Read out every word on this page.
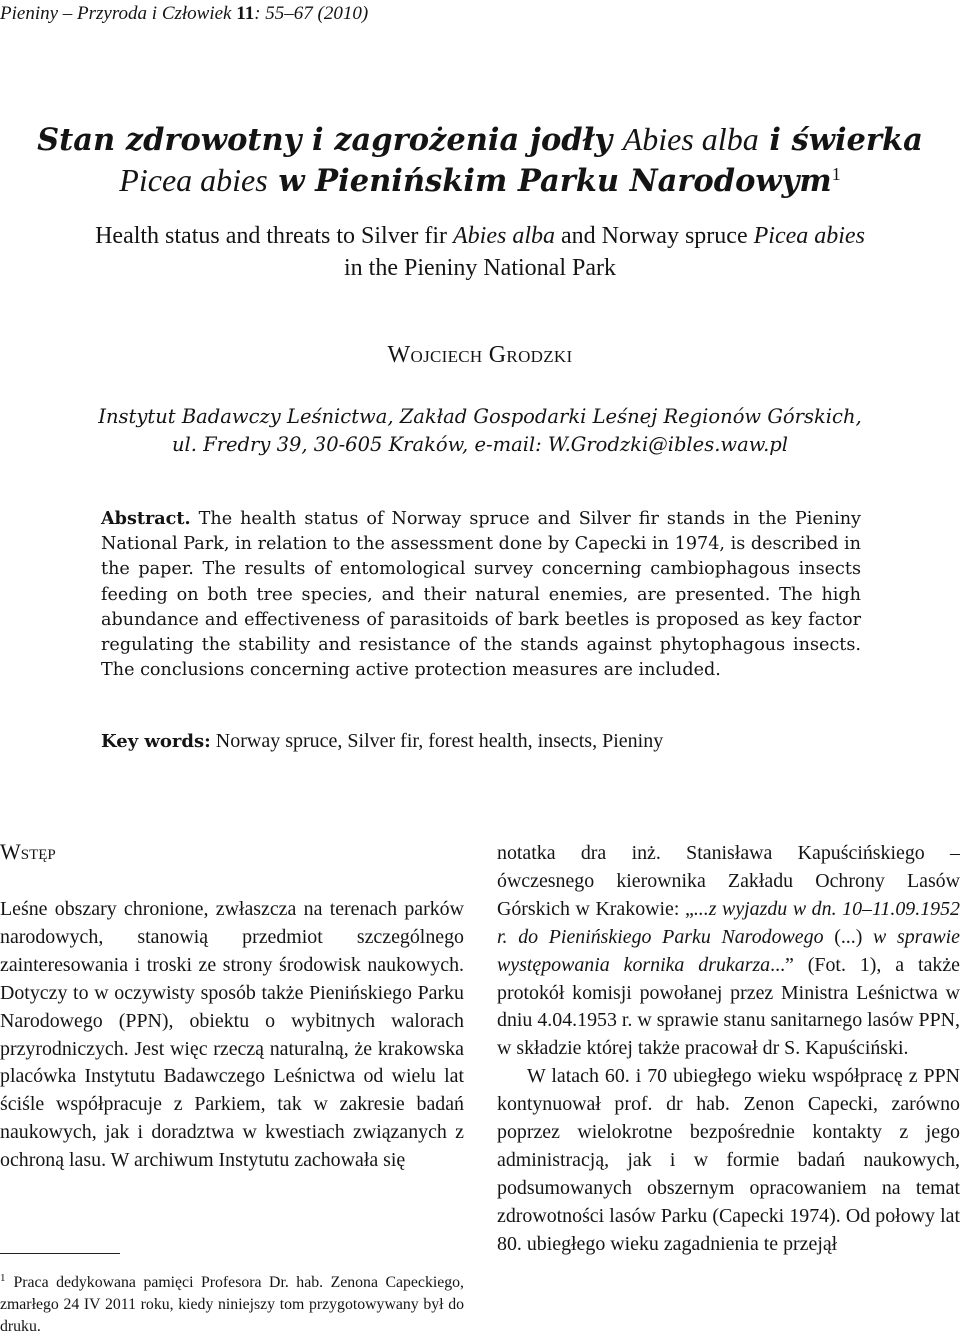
Pieniny – Przyroda i Człowiek 11: 55–67 (2010)
Stan zdrowotny i zagrożenia jodły Abies alba i świerka
Picea abies w Pienińskim Parku Narodowym$^1$
Health status and threats to Silver fir Abies alba and Norway spruce Picea abies
in the Pieniny National Park
Wojciech Grodzki
Instytut Badawczy Leśnictwa, Zakład Gospodarki Leśnej Regionów Górskich,
ul. Fredry 39, 30-605 Kraków, e-mail: W.Grodzki@ibles.waw.pl
Abstract. The health status of Norway spruce and Silver fir stands in the Pieniny National Park, in relation to the assessment done by Capecki in 1974, is described in the paper. The results of entomological survey concerning cambiophagous insects feeding on both tree species, and their natural enemies, are presented. The high abundance and effectiveness of parasitoids of bark beetles is proposed as key factor regulating the stability and resistance of the stands against phytophagous insects. The conclusions concerning active protection measures are included.
Key words: Norway spruce, Silver fir, forest health, insects, Pieniny
Wstęp

Leśne obszary chronione, zwłaszcza na terenach parków narodowych, stanowią przedmiot szczególnego zainteresowania i troski ze strony środowisk naukowych. Dotyczy to w oczywisty sposób także Pienińskiego Parku Narodowego (PPN), obiektu o wybitnych walorach przyrodniczych. Jest więc rzeczą naturalną, że krakowska placówka Instytutu Badawczego Leśnictwa od wielu lat ściśle współpracuje z Parkiem, tak w zakresie badań naukowych, jak i doradztwa w kwestiach związanych z ochroną lasu. W archiwum Instytutu zachowała się

$^1$ Praca dedykowana pamięci Profesora Dr. hab. Zenona Capeckiego, zmarłego 24 IV 2011 roku, kiedy niniejszy tom przygotowywany był do druku.

notatka dra inż. Stanisława Kapuścińskiego – ówczesnego kierownika Zakładu Ochrony Lasów Górskich w Krakowie: „...z wyjazdu w dn. 10–11.09.1952 r. do Pienińskiego Parku Narodowego (...) w sprawie występowania kornika drukarza...” (Fot. 1), a także protokół komisji powołanej przez Ministra Leśnictwa w dniu 4.04.1953 r. w sprawie stanu sanitarnego lasów PPN, w składzie której także pracował dr S. Kapuściński.

W latach 60. i 70 ubiegłego wieku współpracę z PPN kontynuował prof. dr hab. Zenon Capecki, zarówno poprzez wielokrotne bezpośrednie kontakty z jego administracją, jak i w formie badań naukowych, podsumowanych obszernym opracowaniem na temat zdrowotności lasów Parku (Capecki 1974). Od połowy lat 80. ubiegłego wieku zagadnienia te przejął
